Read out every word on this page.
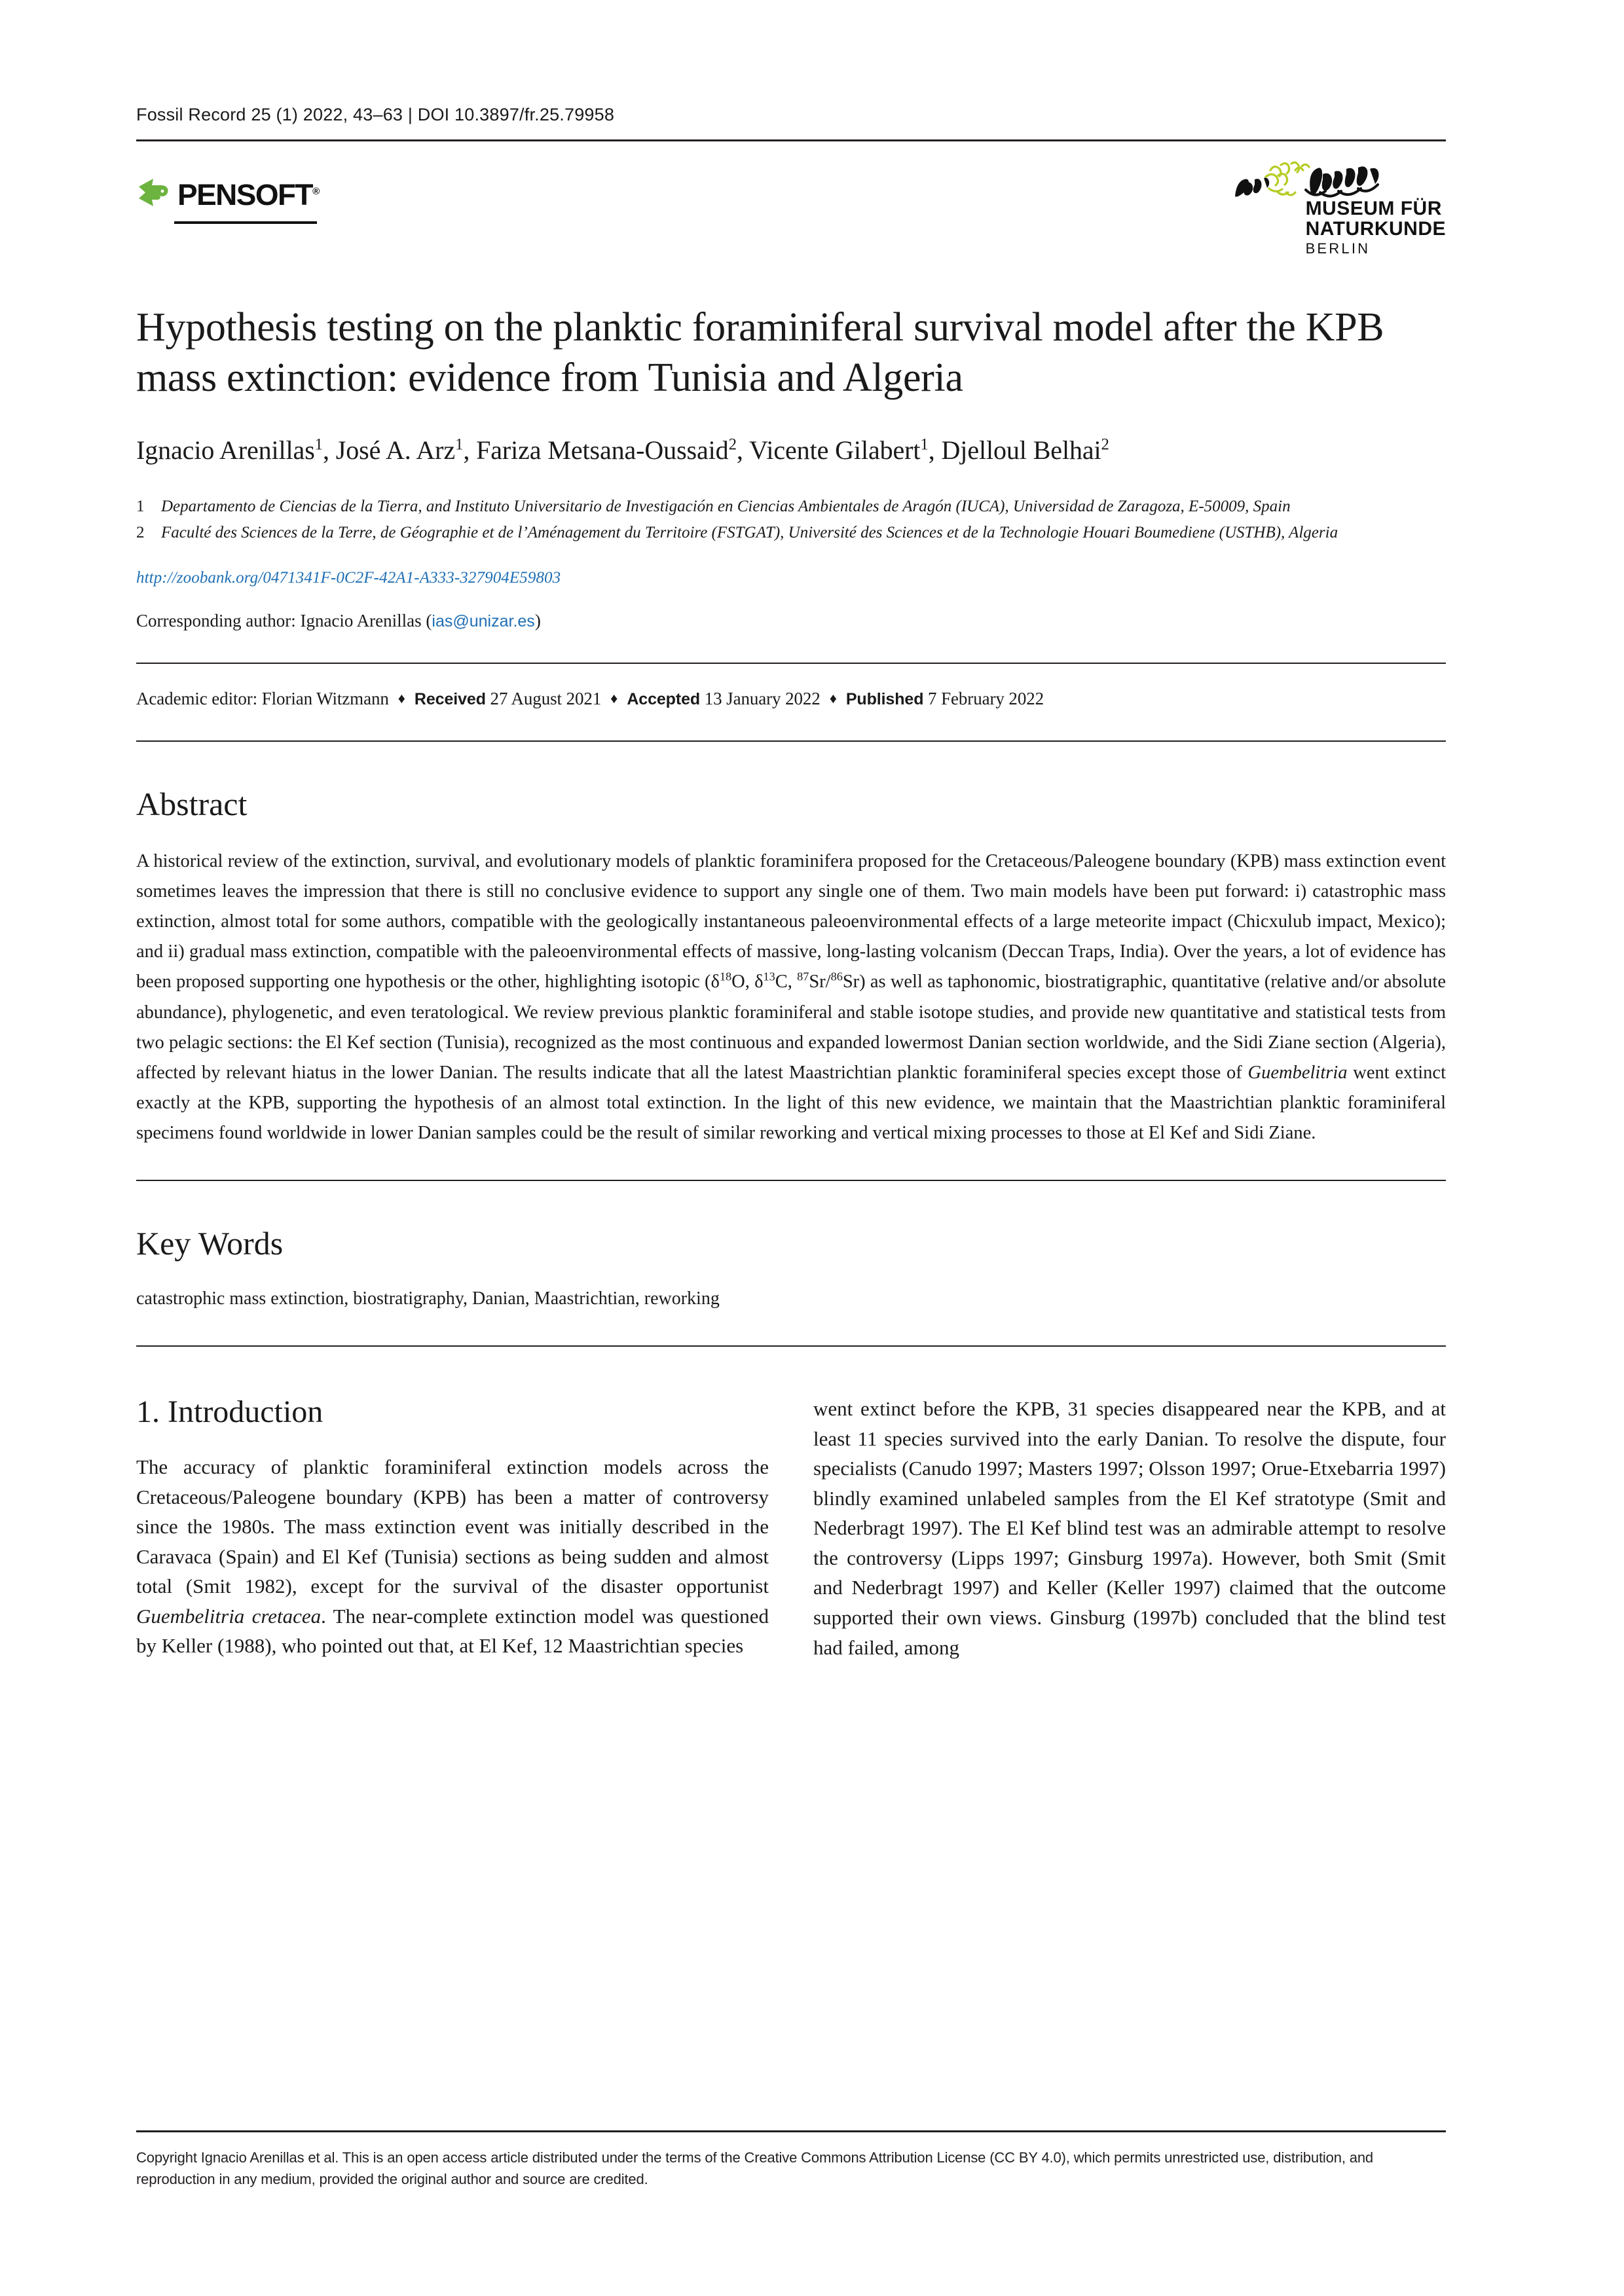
Fossil Record 25 (1) 2022, 43–63 | DOI 10.3897/fr.25.79958
PENSOFT®
MUSEUM FÜR
NATURKUNDE
BERLIN
Hypothesis testing on the planktic foraminiferal survival model after the KPB mass extinction: evidence from Tunisia and Algeria
Ignacio Arenillas$^1$, José A. Arz$^1$, Fariza Metsana-Oussaid$^2$, Vicente Gilabert$^1$, Djelloul Belhai$^2$
1	Departamento de Ciencias de la Tierra, and Instituto Universitario de Investigación en Ciencias Ambientales de Aragón (IUCA), Universidad de Zaragoza, E-50009, Spain
2	Faculté des Sciences de la Terre, de Géographie et de l’Aménagement du Territoire (FSTGAT), Université des Sciences et de la Technologie Houari Boumediene (USTHB), Algeria
http://zoobank.org/0471341F-0C2F-42A1-A333-327904E59803
Corresponding author: Ignacio Arenillas (ias@unizar.es)
Academic editor: Florian Witzmann ♦ Received 27 August 2021 ♦ Accepted 13 January 2022 ♦ Published 7 February 2022
Abstract

A historical review of the extinction, survival, and evolutionary models of planktic foraminifera proposed for the Cretaceous/Paleogene boundary (KPB) mass extinction event sometimes leaves the impression that there is still no conclusive evidence to support any single one of them. Two main models have been put forward: i) catastrophic mass extinction, almost total for some authors, compatible with the geologically instantaneous paleoenvironmental effects of a large meteorite impact (Chicxulub impact, Mexico); and ii) gradual mass extinction, compatible with the paleoenvironmental effects of massive, long-lasting volcanism (Deccan Traps, India). Over the years, a lot of evidence has been proposed supporting one hypothesis or the other, highlighting isotopic ($\delta^{18}O$, $\delta^{13}C$, $^{87}$Sr/$^{86}$Sr) as well as taphonomic, biostratigraphic, quantitative (relative and/or absolute abundance), phylogenetic, and even teratological. We review previous planktic foraminiferal and stable isotope studies, and provide new quantitative and statistical tests from two pelagic sections: the El Kef section (Tunisia), recognized as the most continuous and expanded lowermost Danian section worldwide, and the Sidi Ziane section (Algeria), affected by relevant hiatus in the lower Danian. The results indicate that all the latest Maastrichtian planktic foraminiferal species except those of Guembelitria went extinct exactly at the KPB, supporting the hypothesis of an almost total extinction. In the light of this new evidence, we maintain that the Maastrichtian planktic foraminiferal specimens found worldwide in lower Danian samples could be the result of similar reworking and vertical mixing processes to those at El Kef and Sidi Ziane.

Key Words

catastrophic mass extinction, biostratigraphy, Danian, Maastrichtian, reworking

1. Introduction

The accuracy of planktic foraminiferal extinction models across the Cretaceous/Paleogene boundary (KPB) has been a matter of controversy since the 1980s. The mass extinction event was initially described in the Caravaca (Spain) and El Kef (Tunisia) sections as being sudden and almost total (Smit 1982), except for the survival of the disaster opportunist Guembelitria cretacea. The near-complete extinction model was questioned by Keller (1988), who pointed out that, at El Kef, 12 Maastrichtian species

went extinct before the KPB, 31 species disappeared near the KPB, and at least 11 species survived into the early Danian. To resolve the dispute, four specialists (Canudo 1997; Masters 1997; Olsson 1997; Orue-Etxebarria 1997) blindly examined unlabeled samples from the El Kef stratotype (Smit and Nederbragt 1997). The El Kef blind test was an admirable attempt to resolve the controversy (Lipps 1997; Ginsburg 1997a). However, both Smit (Smit and Nederbragt 1997) and Keller (Keller 1997) claimed that the outcome supported their own views. Ginsburg (1997b) concluded that the blind test had failed, among

Copyright Ignacio Arenillas et al. This is an open access article distributed under the terms of the Creative Commons Attribution License (CC BY 4.0), which permits unrestricted use, distribution, and reproduction in any medium, provided the original author and source are credited.
